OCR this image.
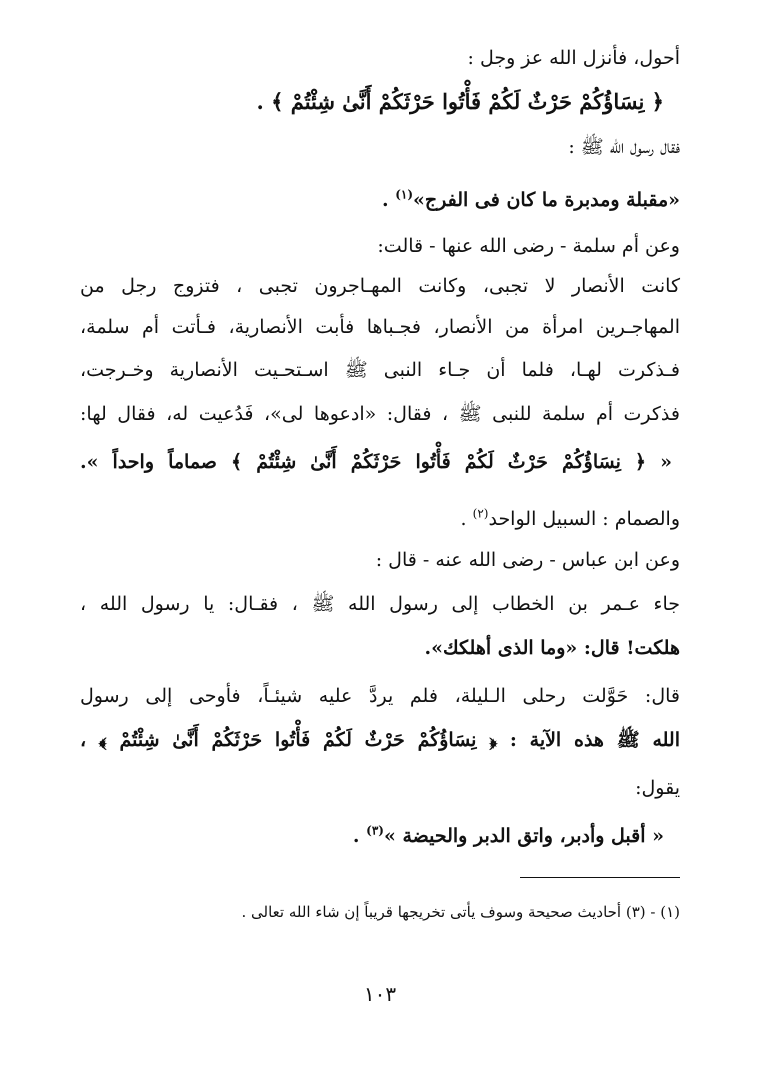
أحول، فأنزل الله عز وجل :
﴿ نِسَاؤُكُمْ حَرْثٌ لَكُمْ فَأْتُوا حَرْثَكُمْ أَنَّىٰ شِئْتُمْ ﴾ .
فقال رسول الله ﷺ :
«مقبلة ومدبرة ما كان فى الفرج»$^{(١)}$ .
وعن أم سلمة - رضى الله عنها - قالت:
كانت الأنصار لا تجبى، وكانت المهـاجرون تجبى ، فتزوج رجل من
المهاجـرين امرأة من الأنصار، فجـباها فأبت الأنصارية، فـأتت أم سلمة،
فـذكرت لهـا، فلما أن جـاء النبى ﷺ اسـتحـيت الأنصارية وخـرجت،
فذكرت أم سلمة للنبى ﷺ ، فقال: «ادعوها لى»، فَدُعيت له، فقال لها:
« ﴿ نِسَاؤُكُمْ حَرْثٌ لَكُمْ فَأْتُوا حَرْثَكُمْ أَنَّىٰ شِئْتُمْ ﴾ صماماً واحداً ».
والصمام : السبيل الواحد$^{(٢)}$ .
وعن ابن عباس - رضى الله عنه - قال :
جاء عـمر بن الخطاب إلى رسول الله ﷺ ، فقـال: يا رسول الله ،
هلكت! قال: «وما الذى أهلكك».
قال: حَوَّلت رحلى الـليلة، فلم يردَّ عليه شيئـاً، فأوحى إلى رسول
الله ﷺ هذه الآية : ﴿ نِسَاؤُكُمْ حَرْثٌ لَكُمْ فَأْتُوا حَرْثَكُمْ أَنَّىٰ شِئْتُمْ ﴾ ،
يقول:
« أقبل وأدبر، واتق الدبر والحيضة »$^{(٣)}$ .
(١) - (٣) أحاديث صحيحة وسوف يأتى تخريجها قريباً إن شاء الله تعالى .
١٠٣
